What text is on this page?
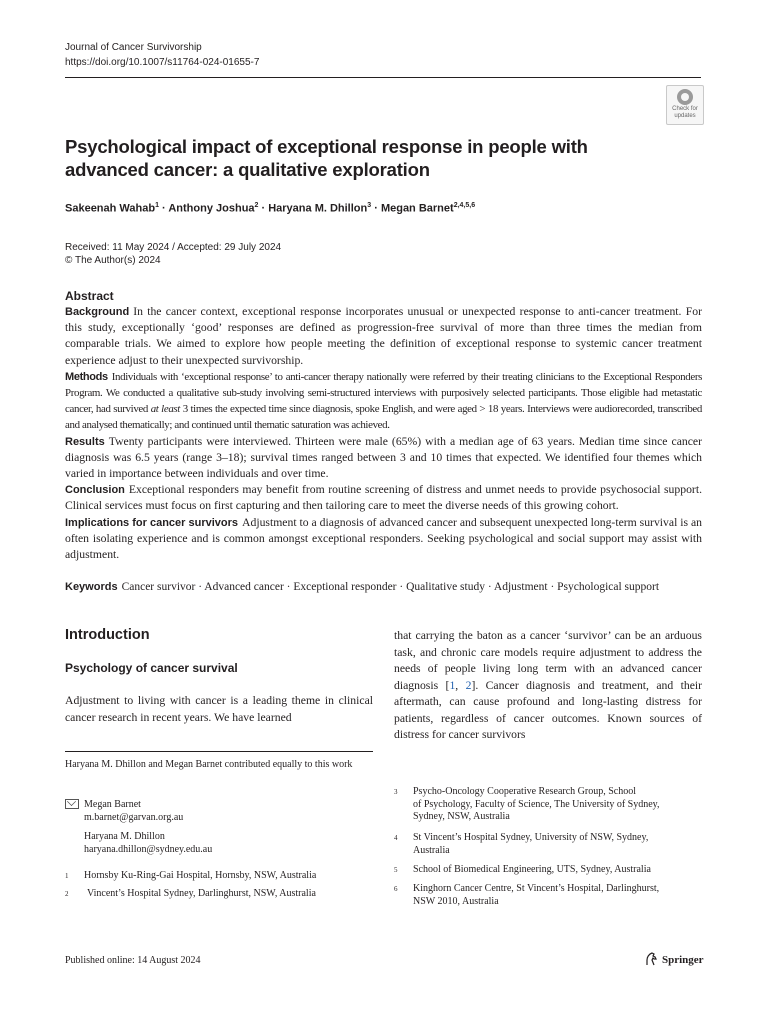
Journal of Cancer Survivorship
https://doi.org/10.1007/s11764-024-01655-7
Check for
updates
Psychological impact of exceptional response in people with advanced cancer: a qualitative exploration
Sakeenah Wahab$^1$ · Anthony Joshua$^2$ · Haryana M. Dhillon$^3$ · Megan Barnet$^{2,4,5,6}$
Received: 11 May 2024 / Accepted: 29 July 2024
© The Author(s) 2024
Abstract

Background In the cancer context, exceptional response incorporates unusual or unexpected response to anti-cancer treatment. For this study, exceptionally ‘good’ responses are defined as progression-free survival of more than three times the median from comparable trials. We aimed to explore how people meeting the definition of exceptional response to systemic cancer treatment experience adjust to their unexpected survivorship.

Methods Individuals with ‘exceptional response’ to anti-cancer therapy nationally were referred by their treating clinicians to the Exceptional Responders Program. We conducted a qualitative sub-study involving semi-structured interviews with purposively selected participants. Those eligible had metastatic cancer, had survived at least 3 times the expected time since diagnosis, spoke English, and were aged > 18 years. Interviews were audiorecorded, transcribed and analysed thematically; and continued until thematic saturation was achieved.

Results Twenty participants were interviewed. Thirteen were male (65%) with a median age of 63 years. Median time since cancer diagnosis was 6.5 years (range 3–18); survival times ranged between 3 and 10 times that expected. We identified four themes which varied in importance between individuals and over time.

Conclusion Exceptional responders may benefit from routine screening of distress and unmet needs to provide psychosocial support. Clinical services must focus on first capturing and then tailoring care to meet the diverse needs of this growing cohort.

Implications for cancer survivors Adjustment to a diagnosis of advanced cancer and subsequent unexpected long-term survival is an often isolating experience and is common amongst exceptional responders. Seeking psychological and social support may assist with adjustment.

Keywords Cancer survivor · Advanced cancer · Exceptional responder · Qualitative study · Adjustment · Psychological support
Introduction
Psychology of cancer survival

Adjustment to living with cancer is a leading theme in clinical cancer research in recent years. We have learned

that carrying the baton as a cancer ‘survivor’ can be an arduous task, and chronic care models require adjustment to address the needs of people living long term with an advanced cancer diagnosis [1, 2]. Cancer diagnosis and treatment, and their aftermath, can cause profound and long-lasting distress for patients, regardless of cancer outcomes. Known sources of distress for cancer survivors

Haryana M. Dhillon and Megan Barnet contributed equally to this work
Megan Barnet
m.barnet@garvan.org.au
Haryana M. Dhillon
haryana.dhillon@sydney.edu.au
1 Hornsby Ku-Ring-Gai Hospital, Hornsby, NSW, Australia
2 Vincent’s Hospital Sydney, Darlinghurst, NSW, Australia
3 Psycho-Oncology Cooperative Research Group, School
of Psychology, Faculty of Science, The University of Sydney,
Sydney, NSW, Australia
4 St Vincent’s Hospital Sydney, University of NSW, Sydney,
Australia
5 School of Biomedical Engineering, UTS, Sydney, Australia
6 Kinghorn Cancer Centre, St Vincent’s Hospital, Darlinghurst,
NSW 2010, Australia
Published online: 14 August 2024	Springer
